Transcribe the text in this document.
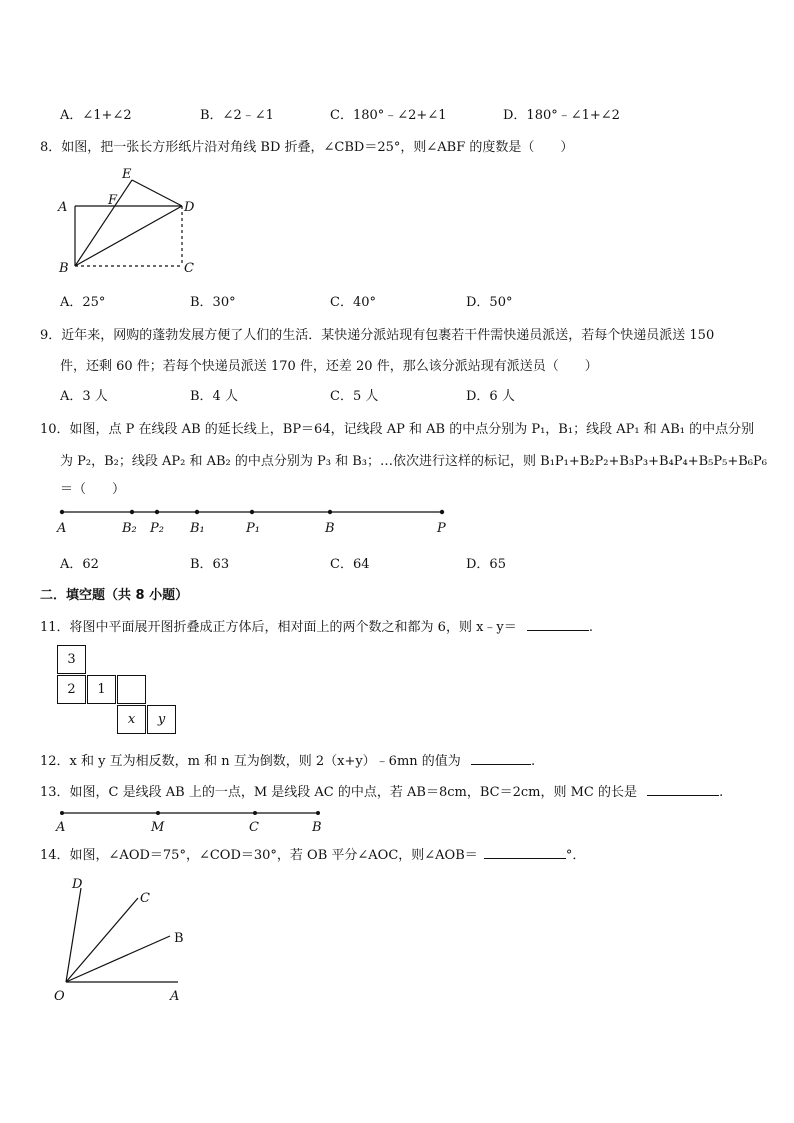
A．∠1+∠2	B．∠2﹣∠1	C．180°﹣∠2+∠1	D．180°﹣∠1+∠2
8．如图，把一张长方形纸片沿对角线 BD 折叠，∠CBD＝25°，则∠ABF 的度数是（　　）
E
F
A	D
B	C
A．25°	B．30°	C．40°	D．50°
9．近年来，网购的蓬勃发展方便了人们的生活．某快递分派站现有包裹若干件需快递员派送，若每个快递员派送 150
件，还剩 60 件；若每个快递员派送 170 件，还差 20 件，那么该分派站现有派送员（　　）
A．3 人	B．4 人	C．5 人	D．6 人
10．如图，点 P 在线段 AB 的延长线上，BP＝64，记线段 AP 和 AB 的中点分别为 P₁，B₁；线段 AP₁ 和 AB₁ 的中点分别
为 P₂，B₂；线段 AP₂ 和 AB₂ 的中点分别为 P₃ 和 B₃；…依次进行这样的标记，则 B₁P₁+B₂P₂+B₃P₃+B₄P₄+B₅P₅+B₆P₆
＝（　　）
A	B₂ P₂ B₁	P₁	B	P
A．62	B．63	C．64	D．65
二．填空题（共 8 小题）
11．将图中平面展开图折叠成正方体后，相对面上的两个数之和都为 6，则 x﹣y＝	.
3
2	1
x	y
12．x 和 y 互为相反数，m 和 n 互为倒数，则 2（x+y）﹣6mn 的值为	.
13．如图，C 是线段 AB 上的一点，M 是线段 AC 的中点，若 AB＝8cm，BC＝2cm，则 MC 的长是	.
A	M	C	B
14．如图，∠AOD＝75°，∠COD＝30°，若 OB 平分∠AOC，则∠AOB＝	°．
D
C
B
O	A
